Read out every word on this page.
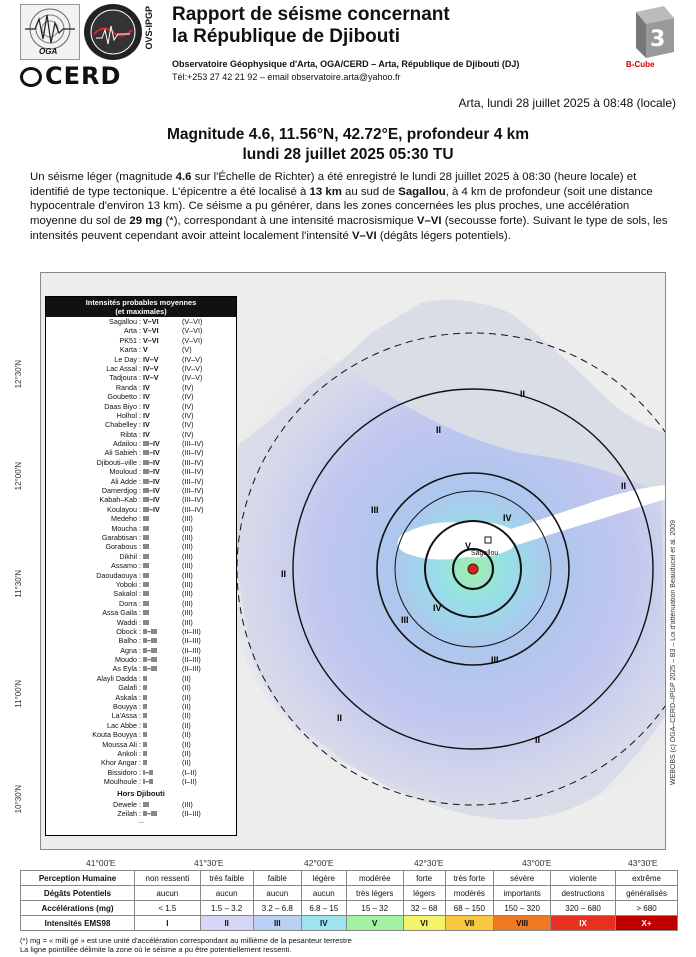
OGA
OVS-IPGP
CERD
Rapport de séisme concernant
la République de Djibouti
Observatoire Géophysique d'Arta, OGA/CERD – Arta, République de Djibouti (DJ)
Tél:+253 27 42 21 92 – email observatoire.arta@yahoo.fr
3
B-Cube
Arta, lundi 28 juillet 2025 à 08:48 (locale)
Magnitude 4.6, 11.56°N, 42.72°E, profondeur 4 km
lundi 28 juillet 2025 05:30 TU
Un séisme léger (magnitude 4.6 sur l'Échelle de Richter) a été enregistré le lundi 28 juillet 2025 à 08:30 (heure locale) et identifié de type tectonique. L'épicentre a été localisé à 13 km au sud de Sagallou, à 4 km de profondeur (soit une distance hypocentrale d'environ 13 km). Ce séisme a pu générer, dans les zones concernées les plus proches, une accélération moyenne du sol de 29 mg (*), correspondant à une intensité macrosismique V–VI (secousse forte). Suivant le type de sols, les intensités peuvent cependant avoir atteint localement l'intensité V–VI (dégâts légers potentiels).
Sagallou
V
IV
IV
III
III
III
II
II
II
II
II
II
Intensités probables moyennes
(et maximales)
Sagallou : V–VI	(V–VI)
Arta : V–VI	(V–VI)
PK51 : V–VI	(V–VI)
Karta : V	(V)
Le Day : IV–V	(IV–V)
Lac Assal : IV–V	(IV–V)
Tadjoura : IV–V	(IV–V)
Randa : IV	(IV)
Goubetto : IV	(IV)
Daas Biyo : IV	(IV)
Holhol : IV	(IV)
Chabelley : IV	(IV)
Ribta : IV	(IV)
Adailou : III–IV	(III–IV)
Ali Sabieh : III–IV	(III–IV)
Djibouti–ville : III–IV	(III–IV)
Mouloud : III–IV	(III–IV)
Ali Adde : III–IV	(III–IV)
Damerdjog : III–IV	(III–IV)
Kabah–Kab : III–IV	(III–IV)
Koulayou : III–IV	(III–IV)
Medeho : III	(III)
Moucha : III	(III)
Garabtisan : III	(III)
Gorabous : III	(III)
Dikhil : III	(III)
Assamo : III	(III)
Daoudaouya : III	(III)
Yoboki : III	(III)
Sakalol : III	(III)
Dorra : III	(III)
Assa Gaila : III	(III)
Waddi : III	(III)
Obock : II–III	(II–III)
Balho : II–III	(II–III)
Agna : II–III	(II–III)
Moudo : II–III	(II–III)
As Eyla : II–III	(II–III)
Alayli Dadda : II	(II)
Galafi : II	(II)
Askala : II	(II)
Bouyya : II	(II)
La'Assa : II	(II)
Lac Abbe : II	(II)
Kouta Bouyya : II	(II)
Moussa Ali : II	(II)
Ankoli : II	(II)
Khor Angar : II	(II)
Bissidoro : I–II	(I–II)
Moulhoule : I–II	(I–II)
Hors Djibouti
Dewele : III	(III)
Zeilah : II–III	(II–III)
...
12°30'N
12°00'N
11°30'N
11°00'N
10°30'N
41°00'E	41°30'E	42°00'E	42°30'E	43°00'E	43°30'E
WEBOBS (c) OGA–CERD–IPGP 2025 – B3 – Loi d'atténuation Beauducel et al. 2009
Perception Humaine	non ressenti	très faible	faible	légère	modérée	forte	très forte	sévère	violente	extrême
Dégâts Potentiels	aucun	aucun	aucun	aucun	très légers	légers	modérés	importants	destructions	généralisés
Accélérations (mg)	< 1.5	1.5 – 3.2	3.2 – 6.8	6.8 – 15	15 – 32	32 – 68	68 – 150	150 – 320	320 – 680	> 680
Intensités EMS98	I	II	III	IV	V	VI	VII	VIII	IX	X+
(*) mg = « milli gé » est une unité d'accélération correspondant au millième de la pesanteur terrestre
La ligne pointillée délimite la zone où le séisme a pu être potentiellement ressenti.
